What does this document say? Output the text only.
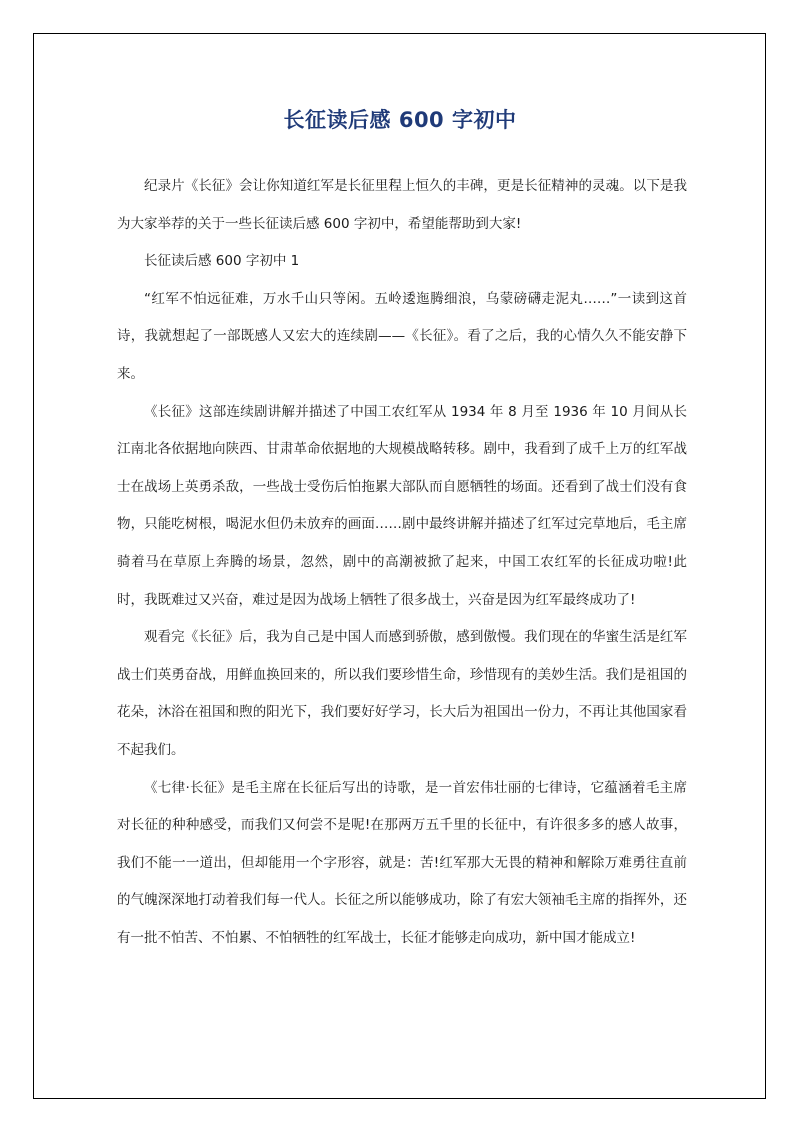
长征读后感 600 字初中

纪录片《长征》会让你知道红军是长征里程上恒久的丰碑，更是长征精神的灵魂。以下是我为大家举荐的关于一些长征读后感 600 字初中，希望能帮助到大家!

长征读后感 600 字初中 1

“红军不怕远征难，万水千山只等闲。五岭逶迤腾细浪，乌蒙磅礴走泥丸……”一读到这首诗，我就想起了一部既感人又宏大的连续剧——《长征》。看了之后，我的心情久久不能安静下来。

《长征》这部连续剧讲解并描述了中国工农红军从 1934 年 8 月至 1936 年 10 月间从长江南北各依据地向陕西、甘肃革命依据地的大规模战略转移。剧中，我看到了成千上万的红军战士在战场上英勇杀敌，一些战士受伤后怕拖累大部队而自愿牺牲的场面。还看到了战士们没有食物，只能吃树根，喝泥水但仍未放弃的画面……剧中最终讲解并描述了红军过完草地后，毛主席骑着马在草原上奔腾的场景，忽然，剧中的高潮被掀了起来，中国工农红军的长征成功啦!此时，我既难过又兴奋，难过是因为战场上牺牲了很多战士，兴奋是因为红军最终成功了!

观看完《长征》后，我为自己是中国人而感到骄傲，感到傲慢。我们现在的华蜜生活是红军战士们英勇奋战，用鲜血换回来的，所以我们要珍惜生命，珍惜现有的美妙生活。我们是祖国的花朵，沐浴在祖国和煦的阳光下，我们要好好学习，长大后为祖国出一份力，不再让其他国家看不起我们。

《七律·长征》是毛主席在长征后写出的诗歌，是一首宏伟壮丽的七律诗，它蕴涵着毛主席对长征的种种感受，而我们又何尝不是呢!在那两万五千里的长征中，有许很多多的感人故事，我们不能一一道出，但却能用一个字形容，就是：苦!红军那大无畏的精神和解除万难勇往直前的气魄深深地打动着我们每一代人。长征之所以能够成功，除了有宏大领袖毛主席的指挥外，还有一批不怕苦、不怕累、不怕牺牲的红军战士，长征才能够走向成功，新中国才能成立!
